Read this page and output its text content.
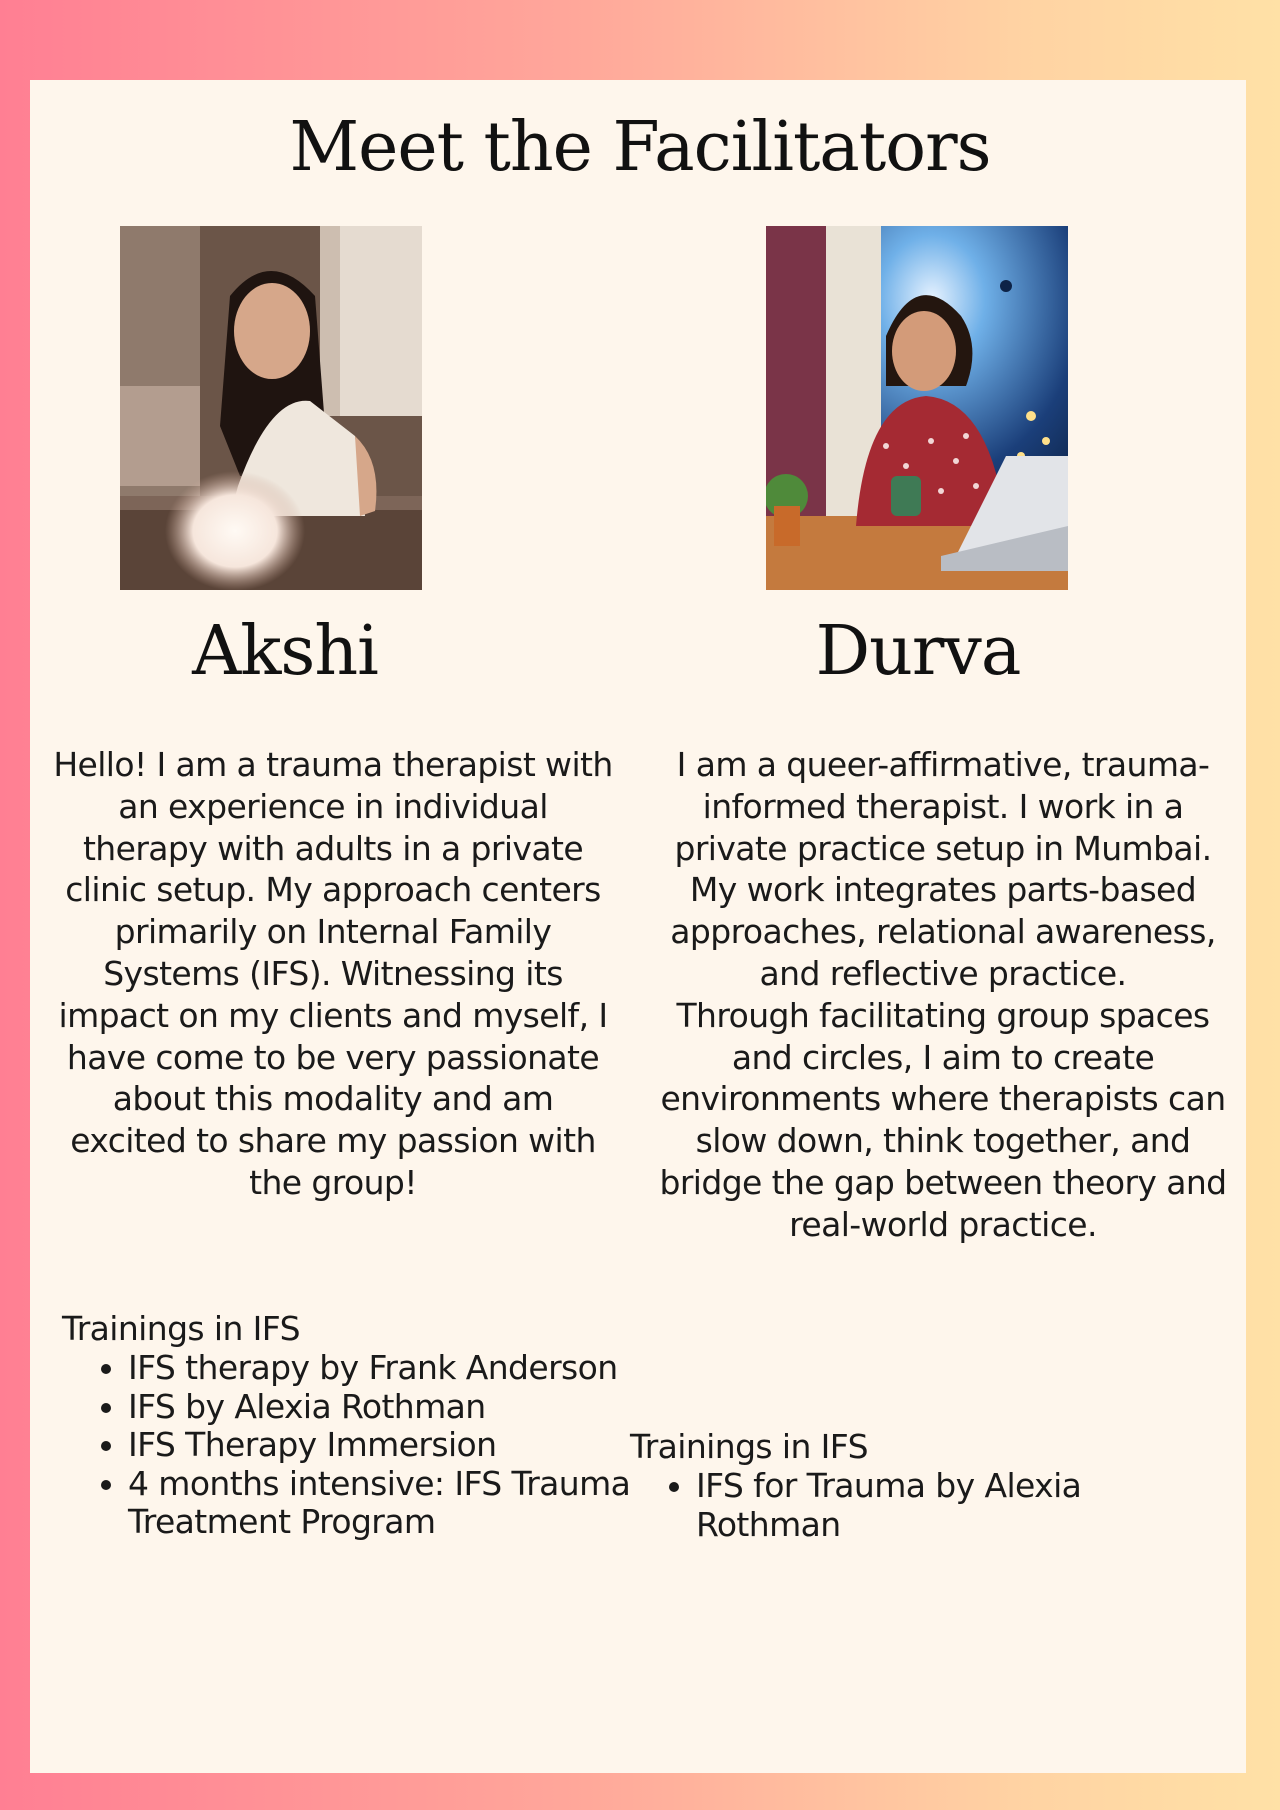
Meet the Facilitators
Akshi

Hello! I am a trauma therapist with an experience in individual therapy with adults in a private clinic setup. My approach centers primarily on Internal Family Systems (IFS). Witnessing its impact on my clients and myself, I have come to be very passionate about this modality and am excited to share my passion with the group!

Trainings in IFS
• IFS therapy by Frank Anderson
• IFS by Alexia Rothman
• IFS Therapy Immersion
• 4 months intensive: IFS Trauma Treatment Program
Durva

I am a queer-affirmative, trauma-informed therapist. I work in a private practice setup in Mumbai.

My work integrates parts-based approaches, relational awareness, and reflective practice.

Through facilitating group spaces and circles, I aim to create environments where therapists can slow down, think together, and bridge the gap between theory and real-world practice.

Trainings in IFS
• IFS for Trauma by Alexia Rothman
